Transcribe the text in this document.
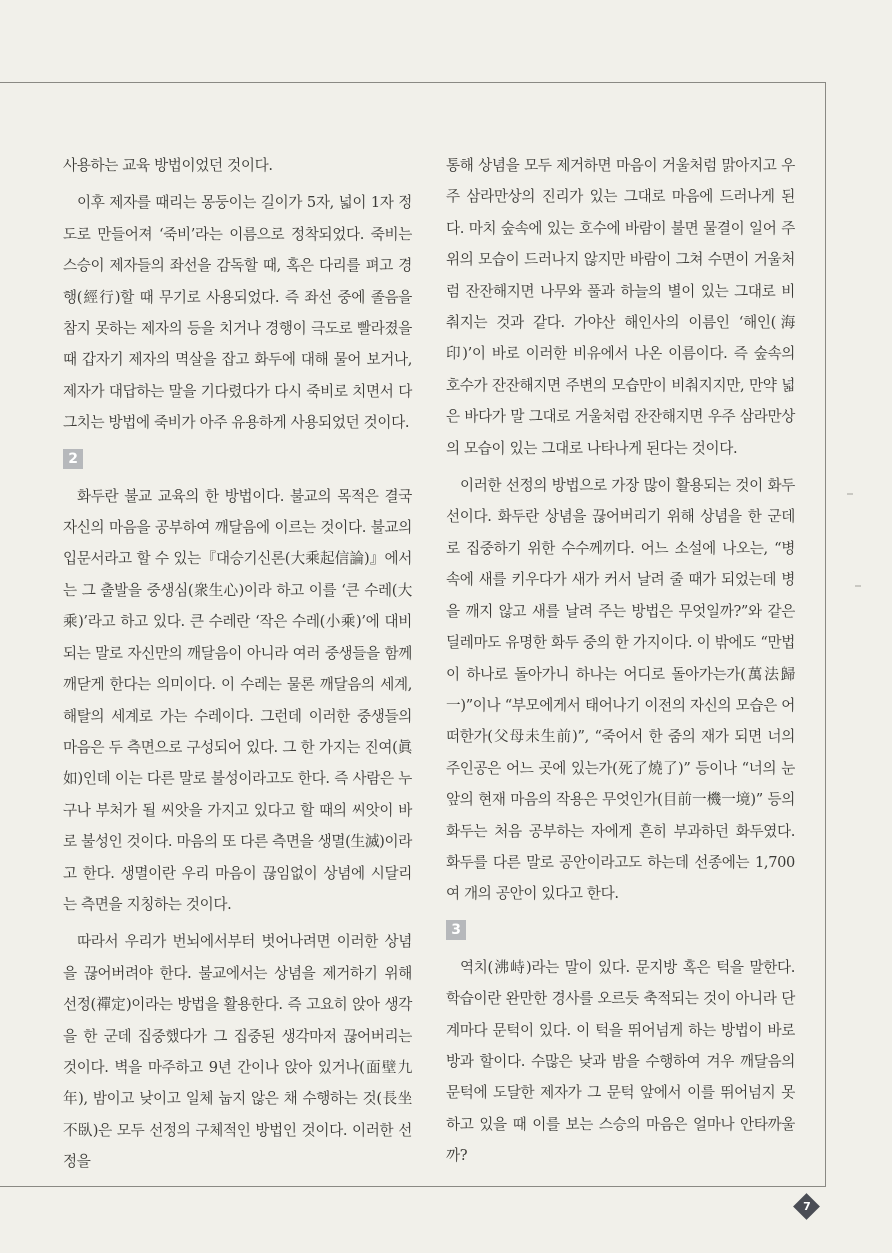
사용하는 교육 방법이었던 것이다.

이후 제자를 때리는 몽둥이는 길이가 5자, 넓이 1자 정도로 만들어져 ‘죽비’라는 이름으로 정착되었다. 죽비는 스승이 제자들의 좌선을 감독할 때, 혹은 다리를 펴고 경행(經行)할 때 무기로 사용되었다. 즉 좌선 중에 졸음을 참지 못하는 제자의 등을 치거나 경행이 극도로 빨라졌을 때 갑자기 제자의 멱살을 잡고 화두에 대해 물어 보거나, 제자가 대답하는 말을 기다렸다가 다시 죽비로 치면서 다그치는 방법에 죽비가 아주 유용하게 사용되었던 것이다.

2

화두란 불교 교육의 한 방법이다. 불교의 목적은 결국 자신의 마음을 공부하여 깨달음에 이르는 것이다. 불교의 입문서라고 할 수 있는『대승기신론(大乘起信論)』에서는 그 출발을 중생심(衆生心)이라 하고 이를 ‘큰 수레(大乘)’라고 하고 있다. 큰 수레란 ‘작은 수레(小乘)’에 대비되는 말로 자신만의 깨달음이 아니라 여러 중생들을 함께 깨닫게 한다는 의미이다. 이 수레는 물론 깨달음의 세계, 해탈의 세계로 가는 수레이다. 그런데 이러한 중생들의 마음은 두 측면으로 구성되어 있다. 그 한 가지는 진여(眞如)인데 이는 다른 말로 불성이라고도 한다. 즉 사람은 누구나 부처가 될 씨앗을 가지고 있다고 할 때의 씨앗이 바로 불성인 것이다. 마음의 또 다른 측면을 생멸(生滅)이라고 한다. 생멸이란 우리 마음이 끊임없이 상념에 시달리는 측면을 지칭하는 것이다.

따라서 우리가 번뇌에서부터 벗어나려면 이러한 상념을 끊어버려야 한다. 불교에서는 상념을 제거하기 위해 선정(禪定)이라는 방법을 활용한다. 즉 고요히 앉아 생각을 한 군데 집중했다가 그 집중된 생각마저 끊어버리는 것이다. 벽을 마주하고 9년 간이나 앉아 있거나(面壁九年), 밤이고 낮이고 일체 눕지 않은 채 수행하는 것(長坐不臥)은 모두 선정의 구체적인 방법인 것이다. 이러한 선정을

통해 상념을 모두 제거하면 마음이 거울처럼 맑아지고 우주 삼라만상의 진리가 있는 그대로 마음에 드러나게 된다. 마치 숲속에 있는 호수에 바람이 불면 물결이 일어 주위의 모습이 드러나지 않지만 바람이 그쳐 수면이 거울처럼 잔잔해지면 나무와 풀과 하늘의 별이 있는 그대로 비춰지는 것과 같다. 가야산 해인사의 이름인 ‘해인(海印)’이 바로 이러한 비유에서 나온 이름이다. 즉 숲속의 호수가 잔잔해지면 주변의 모습만이 비춰지지만, 만약 넓은 바다가 말 그대로 거울처럼 잔잔해지면 우주 삼라만상의 모습이 있는 그대로 나타나게 된다는 것이다.

이러한 선정의 방법으로 가장 많이 활용되는 것이 화두선이다. 화두란 상념을 끊어버리기 위해 상념을 한 군데로 집중하기 위한 수수께끼다. 어느 소설에 나오는, “병 속에 새를 키우다가 새가 커서 날려 줄 때가 되었는데 병을 깨지 않고 새를 날려 주는 방법은 무엇일까?”와 같은 딜레마도 유명한 화두 중의 한 가지이다. 이 밖에도 “만법이 하나로 돌아가니 하나는 어디로 돌아가는가(萬法歸一)”이나 “부모에게서 태어나기 이전의 자신의 모습은 어떠한가(父母未生前)”, “죽어서 한 줌의 재가 되면 너의 주인공은 어느 곳에 있는가(死了燒了)” 등이나 “너의 눈 앞의 현재 마음의 작용은 무엇인가(目前一機一境)” 등의 화두는 처음 공부하는 자에게 흔히 부과하던 화두였다. 화두를 다른 말로 공안이라고도 하는데 선종에는 1,700여 개의 공안이 있다고 한다.

3

역치(沸峙)라는 말이 있다. 문지방 혹은 턱을 말한다. 학습이란 완만한 경사를 오르듯 축적되는 것이 아니라 단계마다 문턱이 있다. 이 턱을 뛰어넘게 하는 방법이 바로 방과 할이다. 수많은 낮과 밤을 수행하여 겨우 깨달음의 문턱에 도달한 제자가 그 문턱 앞에서 이를 뛰어넘지 못하고 있을 때 이를 보는 스승의 마음은 얼마나 안타까울까?

7
